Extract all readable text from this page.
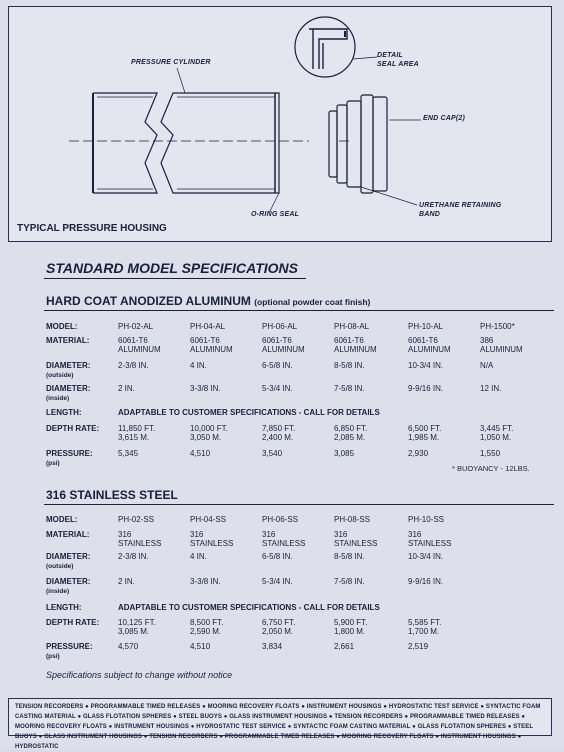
PRESSURE CYLINDER
DETAIL
SEAL AREA
END CAP(2)
O-RING SEAL
URETHANE RETAINING
BAND
TYPICAL PRESSURE HOUSING
STANDARD MODEL SPECIFICATIONS
HARD COAT ANODIZED ALUMINUM (optional powder coat finish)
MODEL:
MATERIAL:
DIAMETER:
(outside)
DIAMETER:
(inside)
LENGTH:	ADAPTABLE TO CUSTOMER SPECIFICATIONS - CALL FOR DETAILS
DEPTH RATE:
PRESSURE:
(psi)
PH-02-AL
6061-T6
ALUMINUM
2-3/8 IN.
2 IN.
11,850 FT.
3,615 M.
5,345
PH-04-AL
6061-T6
ALUMINUM
4 IN.
3-3/8 IN.
10,000 FT.
3,050 M.
4,510
PH-06-AL
6061-T6
ALUMINUM
6-5/8 IN.
5-3/4 IN.
7,850 FT.
2,400 M.
3,540
PH-08-AL
6061-T6
ALUMINUM
8-5/8 IN.
7-5/8 IN.
6,850 FT.
2,085 M.
3,085
PH-10-AL
6061-T6
ALUMINUM
10-3/4 IN.
9-9/16 IN.
6,500 FT.
1,985 M.
2,930
PH-1500*
386
ALUMINUM
N/A
12 IN.
3,445 FT.
1,050 M.
1,550
* BUOYANCY - 12LBS.
316 STAINLESS STEEL
MODEL:
MATERIAL:
DIAMETER:
(outside)
DIAMETER:
(inside)
LENGTH:	ADAPTABLE TO CUSTOMER SPECIFICATIONS - CALL FOR DETAILS
DEPTH RATE:
PRESSURE:
(psi)
PH-02-SS
316
STAINLESS
2-3/8 IN.
2 IN.
10,125 FT.
3,085 M.
4,570
PH-04-SS
316
STAINLESS
4 IN.
3-3/8 IN.
8,500 FT.
2,590 M.
4,510
PH-06-SS
316
STAINLESS
6-5/8 IN.
5-3/4 IN.
6,750 FT.
2,050 M.
3,834
PH-08-SS
316
STAINLESS
8-5/8 IN.
7-5/8 IN.
5,900 FT.
1,800 M.
2,661
PH-10-SS
316
STAINLESS
10-3/4 IN.
9-9/16 IN.
5,585 FT.
1,700 M.
2,519
Specifications subject to change without notice
TENSION RECORDERS ● PROGRAMMABLE TIMED RELEASES ● MOORING RECOVERY FLOATS ● INSTRUMENT HOUSINGS ● HYDROSTATIC TEST SERVICE ● SYNTACTIC FOAM CASTING MATERIAL ● GLASS FLOTATION SPHERES ● STEEL BUOYS ● GLASS INSTRUMENT HOUSINGS ● TENSION RECORDERS ● PROGRAMMABLE TIMED RELEASES ● MOORING RECOVERY FLOATS ● INSTRUMENT HOUSINGS ● HYDROSTATIC TEST SERVICE ● SYNTACTIC FOAM CASTING MATERIAL ● GLASS FLOTATION SPHERES ● STEEL BUOYS ● GLASS INSTRUMENT HOUSINGS ● TENSION RECORDERS ● PROGRAMMABLE TIMED RELEASES ● MOORING RECOVERY FLOATS ● INSTRUMENT HOUSINGS ● HYDROSTATIC
